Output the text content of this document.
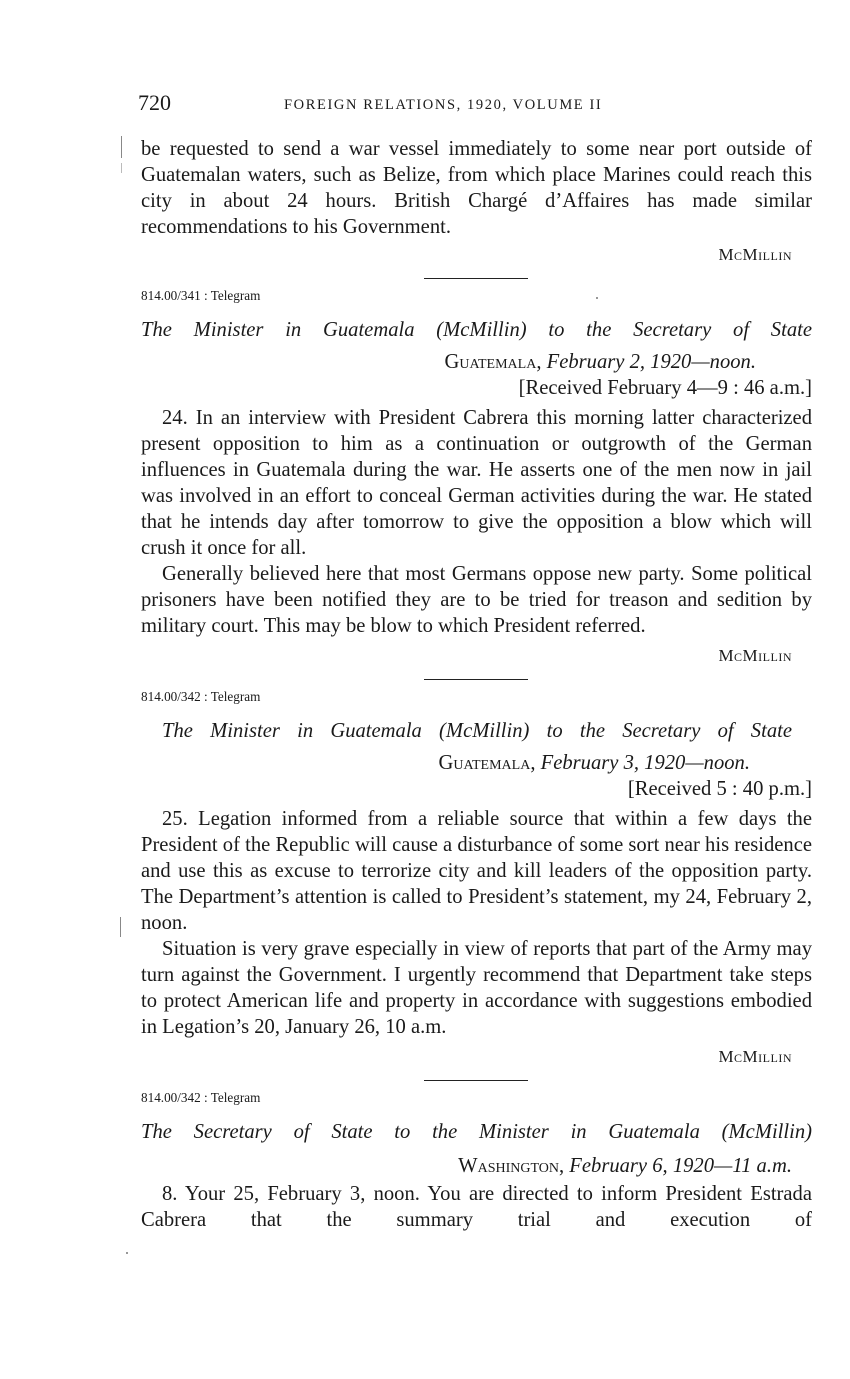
720	FOREIGN RELATIONS, 1920, VOLUME II

be requested to send a war vessel immediately to some near port outside of Guatemalan waters, such as Belize, from which place Marines could reach this city in about 24 hours. British Chargé d’Affaires has made similar recommendations to his Government.

McMillin

814.00/341 : Telegram

The Minister in Guatemala (McMillin) to the Secretary of State
Guatemala, February 2, 1920—noon.
[Received February 4—9 : 46 a.m.]

24. In an interview with President Cabrera this morning latter characterized present opposition to him as a continuation or outgrowth of the German influences in Guatemala during the war. He asserts one of the men now in jail was involved in an effort to conceal German activities during the war. He stated that he intends day after tomorrow to give the opposition a blow which will crush it once for all.

Generally believed here that most Germans oppose new party. Some political prisoners have been notified they are to be tried for treason and sedition by military court. This may be blow to which President referred.

McMillin

814.00/342 : Telegram

The Minister in Guatemala (McMillin) to the Secretary of State
Guatemala, February 3, 1920—noon.
[Received 5 : 40 p.m.]

25. Legation informed from a reliable source that within a few days the President of the Republic will cause a disturbance of some sort near his residence and use this as excuse to terrorize city and kill leaders of the opposition party. The Department’s attention is called to President’s statement, my 24, February 2, noon.

Situation is very grave especially in view of reports that part of the Army may turn against the Government. I urgently recommend that Department take steps to protect American life and property in accordance with suggestions embodied in Legation’s 20, January 26, 10 a.m.

McMillin

814.00/342 : Telegram

The Secretary of State to the Minister in Guatemala (McMillin)
Washington, February 6, 1920—11 a.m.

8. Your 25, February 3, noon. You are directed to inform President Estrada Cabrera that the summary trial and execution of
